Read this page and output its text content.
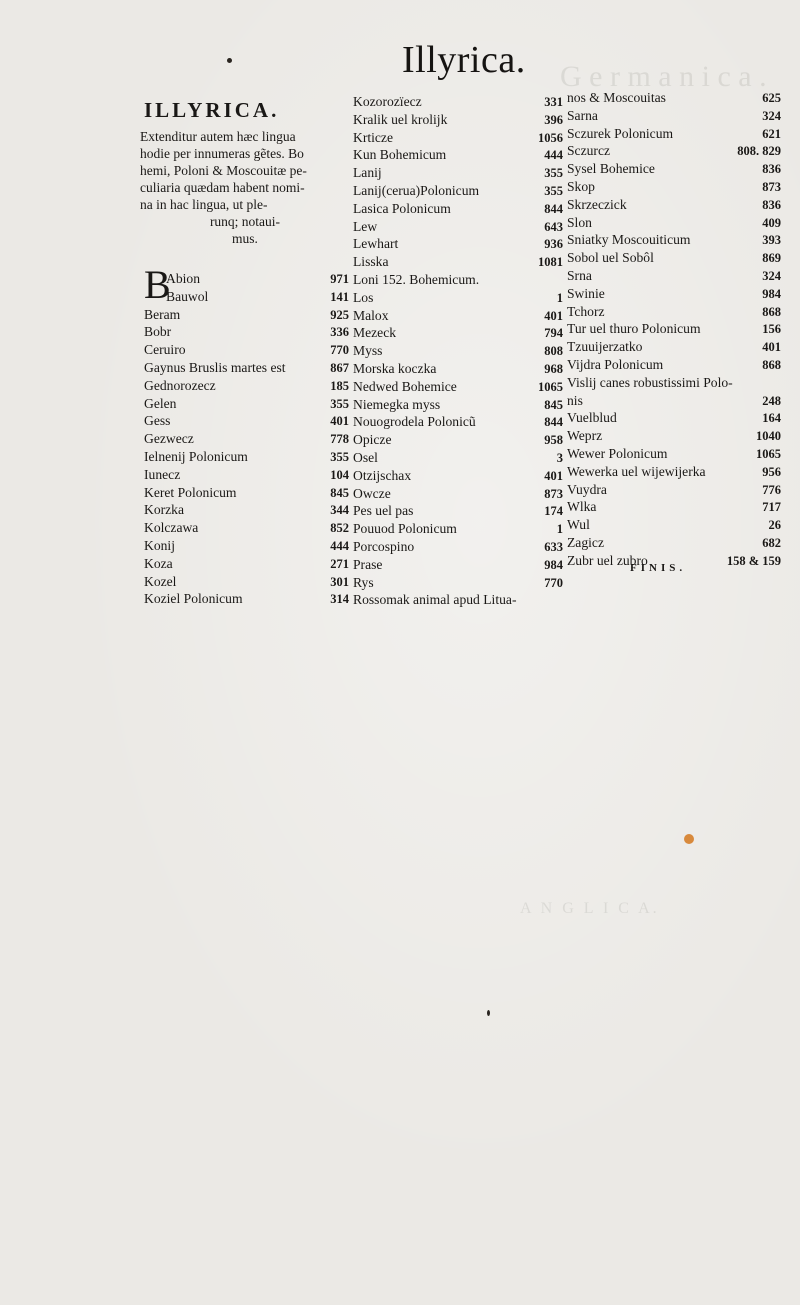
G e r m a n i c a .
A N G L I C A.
Illyrica.
ILLYRICA.
Extenditur autem hæc lingua
hodie per innumeras gẽtes. Bo
hemi, Poloni & Moscouitæ pe-
culiaria quædam habent nomi-
na in hac lingua, ut ple-
runq; notaui-
mus.
B
Abion	971
Bauwol	141
Beram	925
Bobr	336
Ceruiro	770
Gaynus Bruslis martes est	867
Gednorozecz	185
Gelen	355
Gess	401
Gezwecz	778
Ielnenij Polonicum	355
Iunecz	104
Keret Polonicum	845
Korzka	344
Kolczawa	852
Konij	444
Koza	271
Kozel	301
Koziel Polonicum	314
Kozorozïecz	331
Kralik uel krolijk	396
Krticze	1056
Kun Bohemicum	444
Lanij	355
Lanij(cerua)Polonicum	355
Lasica Polonicum	844
Lew	643
Lewhart	936
Lisska	1081
Loni 152. Bohemicum.
Los	1
Malox	401
Mezeck	794
Myss	808
Morska koczka	968
Nedwed Bohemice	1065
Niemegka myss	845
Nouogrodela Polonicũ	844
Opicze	958
Osel	3
Otzijschax	401
Owcze	873
Pes uel pas	174
Pouuod Polonicum	1
Porcospino	633
Prase	984
Rys	770
Rossomak animal apud Litua-
nos & Moscouitas	625
Sarna	324
Sczurek Polonicum	621
Sczurcz	808. 829
Sysel Bohemice	836
Skop	873
Skrzeczick	836
Slon	409
Sniatky Moscouiticum	393
Sobol uel Sobôl	869
Srna	324
Swinie	984
Tchorz	868
Tur uel thuro Polonicum	156
Tzuuijerzatko	401
Vijdra Polonicum	868
Vislij canes robustissimi Polo-
nis	248
Vuelblud	164
Weprz	1040
Wewer Polonicum	1065
Wewerka uel wijewijerka	956
Vuydra	776
Wlka	717
Wul	26
Zagicz	682
Zubr uel zubro	158 & 159
FINIS.
